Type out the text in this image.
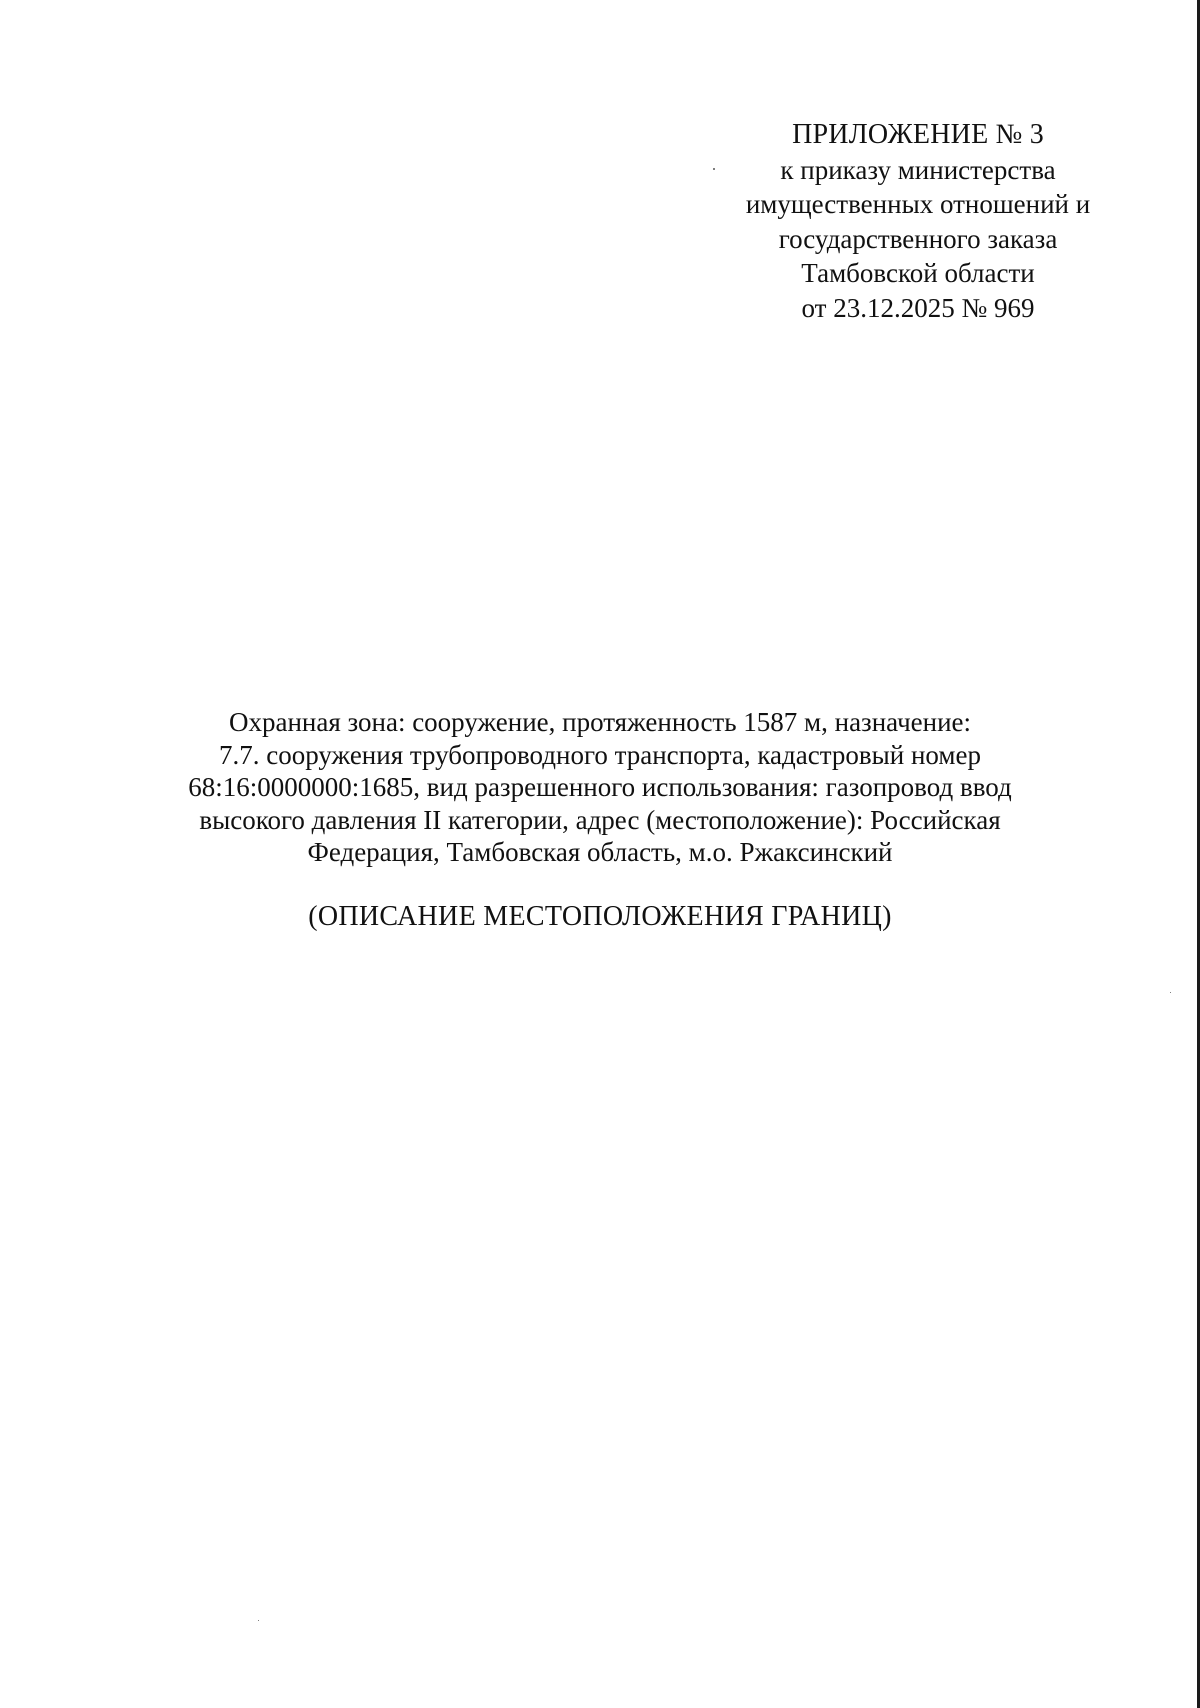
ПРИЛОЖЕНИЕ № 3
к приказу министерства
имущественных отношений и
государственного заказа
Тамбовской области
от 23.12.2025 № 969
Охранная зона: сооружение, протяженность 1587 м, назначение:
7.7. сооружения трубопроводного транспорта, кадастровый номер
68:16:0000000:1685, вид разрешенного использования: газопровод ввод
высокого давления II категории, адрес (местоположение): Российская
Федерация, Тамбовская область, м.о. Ржаксинский
(ОПИСАНИЕ МЕСТОПОЛОЖЕНИЯ ГРАНИЦ)
